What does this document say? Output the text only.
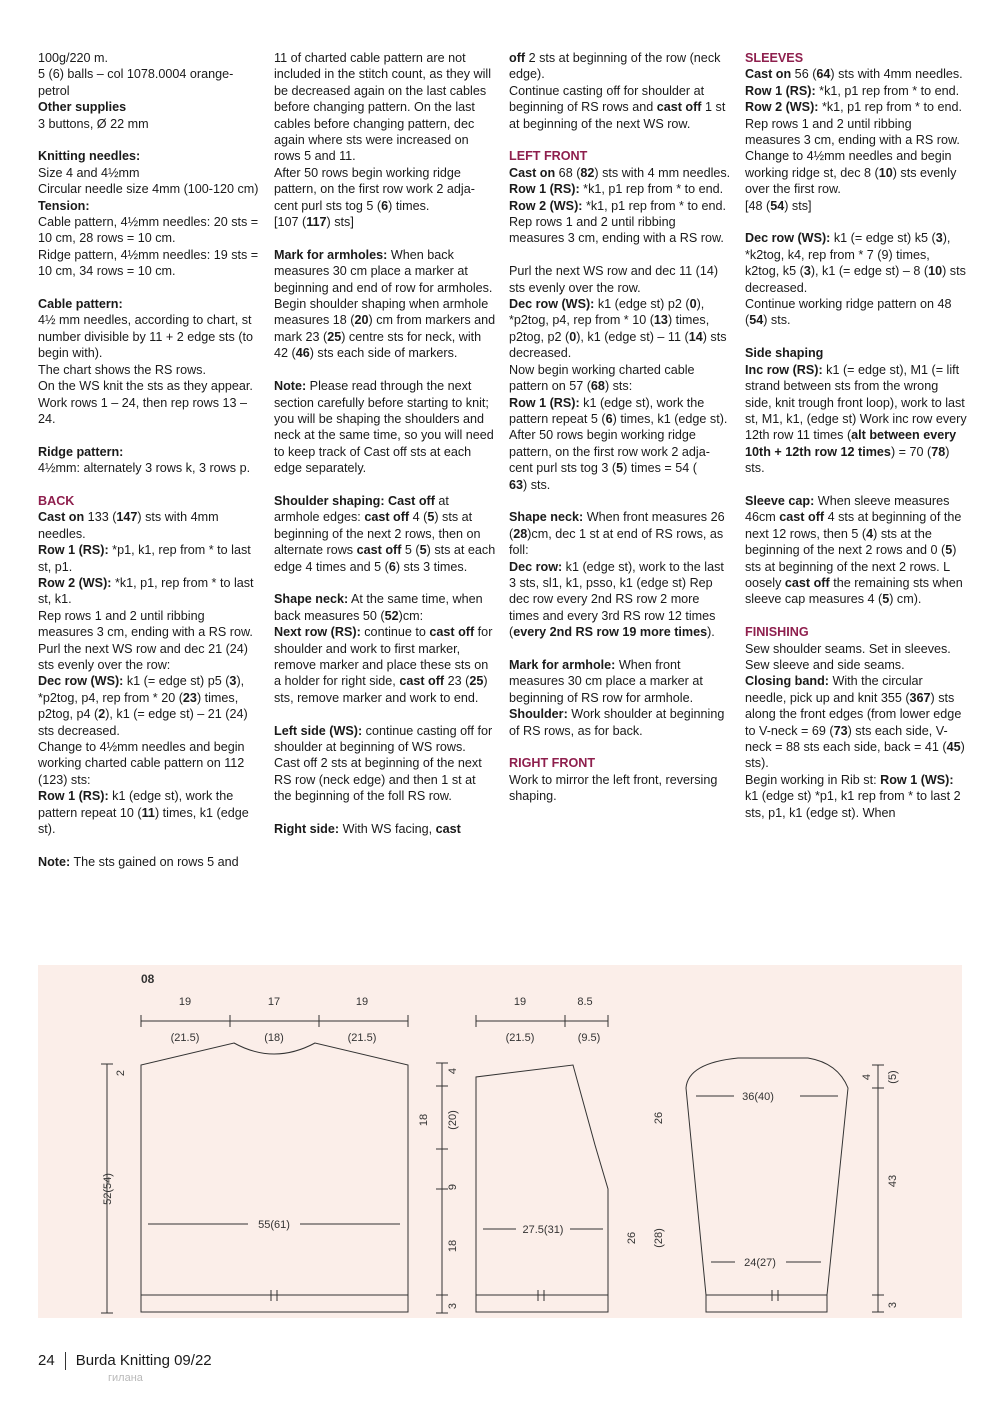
100g/220 m.
5 (6) balls – col 1078.0004 orange-petrol
Other supplies
3 buttons, Ø 22 mm

Knitting needles:
Size 4 and 4½mm
Circular needle size 4mm (100-120 cm)
Tension:
Cable pattern, 4½mm needles: 20 sts = 10 cm, 28 rows = 10 cm.
Ridge pattern, 4½mm needles: 19 sts = 10 cm, 34 rows = 10 cm.

Cable pattern:
4½ mm needles, according to chart, st number divisible by 11 + 2 edge sts (to begin with).
The chart shows the RS rows.
On the WS knit the sts as they appear.
Work rows 1 – 24, then rep rows 13 – 24.

Ridge pattern:
4½mm: alternately 3 rows k, 3 rows p.

BACK
Cast on 133 (147) sts with 4mm needles.
Row 1 (RS): *p1, k1, rep from * to last st, p1.
Row 2 (WS): *k1, p1, rep from * to last st, k1.
Rep rows 1 and 2 until ribbing measures 3 cm, ending with a RS row.
Purl the next WS row and dec 21 (24) sts evenly over the row:
Dec row (WS): k1 (= edge st) p5 (3), *p2tog, p4, rep from * 20 (23) times, p2tog, p4 (2), k1 (= edge st) – 21 (24) sts decreased.
Change to 4½mm needles and begin working charted cable pattern on 112 (123) sts:
Row 1 (RS): k1 (edge st), work the pattern repeat 10 (11) times, k1 (edge st).

Note: The sts gained on rows 5 and

11 of charted cable pattern are not included in the stitch count, as they will be decreased again on the last cables before changing pattern. On the last cables before changing pattern, dec again where sts were increased on rows 5 and 11.
After 50 rows begin working ridge pattern, on the first row work 2 adja-cent purl sts tog 5 (6) times.
[107 (117) sts]

Mark for armholes: When back measures 30 cm place a marker at beginning and end of row for armholes. Begin shoulder shaping when armhole measures 18 (20) cm from markers and mark 23 (25) centre sts for neck, with 42 (46) sts each side of markers.

Note: Please read through the next section carefully before starting to knit; you will be shaping the shoulders and neck at the same time, so you will need to keep track of Cast off sts at each edge separately.

Shoulder shaping: Cast off at armhole edges: cast off 4 (5) sts at beginning of the next 2 rows, then on alternate rows cast off 5 (5) sts at each edge 4 times and 5 (6) sts 3 times.

Shape neck: At the same time, when back measures 50 (52)cm:
Next row (RS): continue to cast off for shoulder and work to first marker, remove marker and place these sts on a holder for right side, cast off 23 (25) sts, remove marker and work to end.

Left side (WS): continue casting off for shoulder at beginning of WS rows.
Cast off 2 sts at beginning of the next RS row (neck edge) and then 1 st at the beginning of the foll RS row.

Right side: With WS facing, cast

off 2 sts at beginning of the row (neck edge).
Continue casting off for shoulder at beginning of RS rows and cast off 1 st at beginning of the next WS row.

LEFT FRONT
Cast on 68 (82) sts with 4 mm needles.
Row 1 (RS): *k1, p1 rep from * to end.
Row 2 (WS): *k1, p1 rep from * to end.
Rep rows 1 and 2 until ribbing measures 3 cm, ending with a RS row.

Purl the next WS row and dec 11 (14) sts evenly over the row.
Dec row (WS): k1 (edge st) p2 (0), *p2tog, p4, rep from * 10 (13) times, p2tog, p2 (0), k1 (edge st) – 11 (14) sts decreased.
Now begin working charted cable pattern on 57 (68) sts:
Row 1 (RS): k1 (edge st), work the pattern repeat 5 (6) times, k1 (edge st).
After 50 rows begin working ridge pattern, on the first row work 2 adja-cent purl sts tog 3 (5) times = 54 (
63) sts.

Shape neck: When front measures 26 (28)cm, dec 1 st at end of RS rows, as foll:
Dec row: k1 (edge st), work to the last 3 sts, sl1, k1, psso, k1 (edge st) Rep dec row every 2nd RS row 2 more times and every 3rd RS row 12 times (every 2nd RS row 19 more times).

Mark for armhole: When front measures 30 cm place a marker at beginning of RS row for armhole.
Shoulder: Work shoulder at beginning of RS rows, as for back.

RIGHT FRONT
Work to mirror the left front, reversing shaping.

SLEEVES
Cast on 56 (64) sts with 4mm needles.
Row 1 (RS): *k1, p1 rep from * to end.
Row 2 (WS): *k1, p1 rep from * to end.
Rep rows 1 and 2 until ribbing measures 3 cm, ending with a RS row.
Change to 4½mm needles and begin working ridge st, dec 8 (10) sts evenly over the first row.
[48 (54) sts]

Dec row (WS): k1 (= edge st) k5 (3), *k2tog, k4, rep from * 7 (9) times, k2tog, k5 (3), k1 (= edge st) – 8 (10) sts decreased.
Continue working ridge pattern on 48 (54) sts.

Side shaping
Inc row (RS): k1 (= edge st), M1 (= lift strand between sts from the wrong side, knit trough front loop), work to last st, M1, k1, (edge st) Work inc row every 12th row 11 times (alt between every 10th + 12th row 12 times) = 70 (78) sts.

Sleeve cap: When sleeve measures 46cm cast off 4 sts at beginning of the next 12 rows, then 5 (4) sts at the beginning of the next 2 rows and 0 (5) sts at beginning of the next 2 rows. L
oosely cast off the remaining sts when sleeve cap measures 4 (5) cm).

FINISHING
Sew shoulder seams. Set in sleeves. Sew sleeve and side seams.
Closing band: With the circular needle, pick up and knit 355 (367) sts along the front edges (from lower edge to V-neck = 69 (73) sts each side, V-neck = 88 sts each side, back = 41 (45) sts).
Begin working in Rib st: Row 1 (WS): k1 (edge st) *p1, k1 rep from * to last 2 sts, p1, k1 (edge st). When

08
19	17	19
(21.5)	(18)	(21.5)
55(61)
2
52(54)
19	8.5
(21.5)	(9.5)
27.5(31)
4
18 (20)
9
18
3
26 (28)
36(40)
24(27)
26
4 (5)
43
3
24 Burda Knitting 09/22
гилана
